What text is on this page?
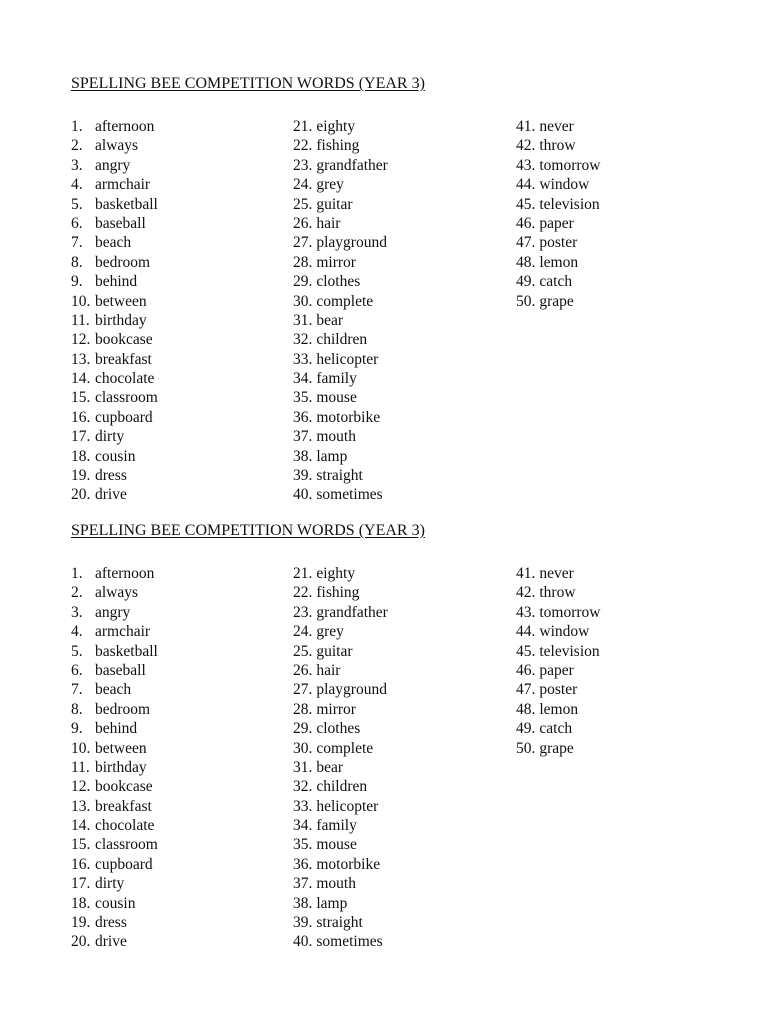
SPELLING BEE COMPETITION WORDS (YEAR 3)
1. afternoon
2. always
3. angry
4. armchair
5. basketball
6. baseball
7. beach
8. bedroom
9. behind
10. between
11. birthday
12. bookcase
13. breakfast
14. chocolate
15. classroom
16. cupboard
17. dirty
18. cousin
19. dress
20. drive
21. eighty
22. fishing
23. grandfather
24. grey
25. guitar
26. hair
27. playground
28. mirror
29. clothes
30. complete
31. bear
32. children
33. helicopter
34. family
35. mouse
36. motorbike
37. mouth
38. lamp
39. straight
40. sometimes
41. never
42. throw
43. tomorrow
44. window
45. television
46. paper
47. poster
48. lemon
49. catch
50. grape
SPELLING BEE COMPETITION WORDS (YEAR 3)
1. afternoon
2. always
3. angry
4. armchair
5. basketball
6. baseball
7. beach
8. bedroom
9. behind
10. between
11. birthday
12. bookcase
13. breakfast
14. chocolate
15. classroom
16. cupboard
17. dirty
18. cousin
19. dress
20. drive
21. eighty
22. fishing
23. grandfather
24. grey
25. guitar
26. hair
27. playground
28. mirror
29. clothes
30. complete
31. bear
32. children
33. helicopter
34. family
35. mouse
36. motorbike
37. mouth
38. lamp
39. straight
40. sometimes
41. never
42. throw
43. tomorrow
44. window
45. television
46. paper
47. poster
48. lemon
49. catch
50. grape
